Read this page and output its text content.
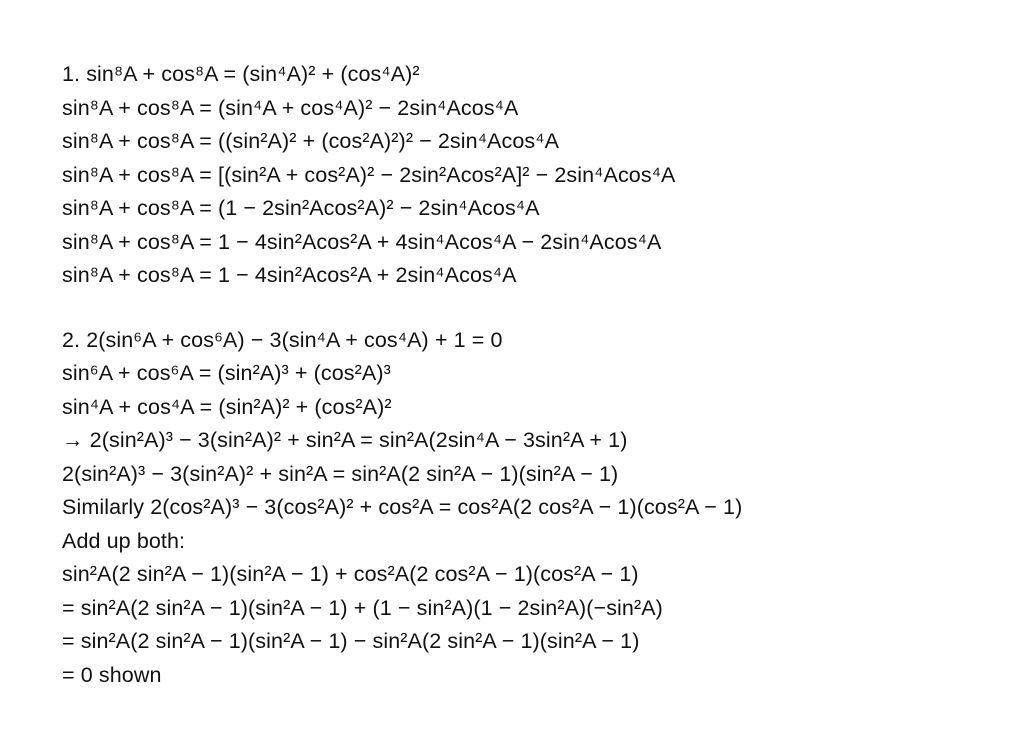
1. sin⁸A + cos⁸A = (sin⁴A)² + (cos⁴A)²
sin⁸A + cos⁸A = (sin⁴A + cos⁴A)² − 2sin⁴Acos⁴A
sin⁸A + cos⁸A = ((sin²A)² + (cos²A)²)² − 2sin⁴Acos⁴A
sin⁸A + cos⁸A = [(sin²A + cos²A)² − 2sin²Acos²A]² − 2sin⁴Acos⁴A
sin⁸A + cos⁸A = (1 − 2sin²Acos²A)² − 2sin⁴Acos⁴A
sin⁸A + cos⁸A = 1 − 4sin²Acos²A + 4sin⁴Acos⁴A − 2sin⁴Acos⁴A
sin⁸A + cos⁸A = 1 − 4sin²Acos²A + 2sin⁴Acos⁴A
2. 2(sin⁶A + cos⁶A) − 3(sin⁴A + cos⁴A) + 1 = 0
sin⁶A + cos⁶A = (sin²A)³ + (cos²A)³
sin⁴A + cos⁴A = (sin²A)² + (cos²A)²
→ 2(sin²A)³ − 3(sin²A)² + sin²A = sin²A(2sin⁴A − 3sin²A + 1)
2(sin²A)³ − 3(sin²A)² + sin²A = sin²A(2 sin²A − 1)(sin²A − 1)
Similarly 2(cos²A)³ − 3(cos²A)² + cos²A = cos²A(2 cos²A − 1)(cos²A − 1)
Add up both:
sin²A(2 sin²A − 1)(sin²A − 1) + cos²A(2 cos²A − 1)(cos²A − 1)
= sin²A(2 sin²A − 1)(sin²A − 1) + (1 − sin²A)(1 − 2sin²A)(−sin²A)
= sin²A(2 sin²A − 1)(sin²A − 1) − sin²A(2 sin²A − 1)(sin²A − 1)
= 0 shown
